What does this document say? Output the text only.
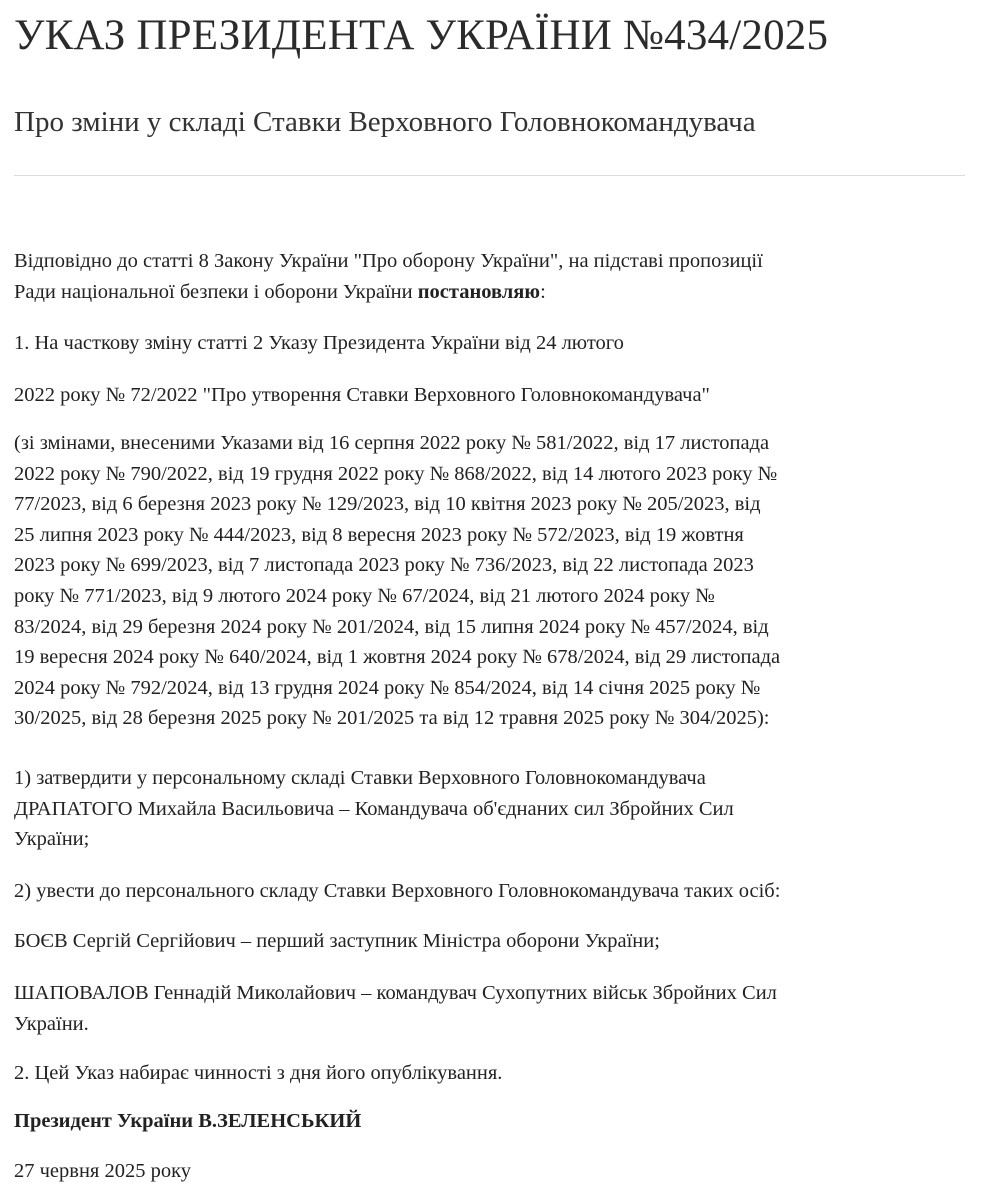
УКАЗ ПРЕЗИДЕНТА УКРАЇНИ №434/2025
Про зміни у складі Ставки Верховного Головнокомандувача

Відповідно до статті 8 Закону України "Про оборону України", на підставі пропозиції
Ради національної безпеки і оборони України постановляю:

1. На часткову зміну статті 2 Указу Президента України від 24 лютого

2022 року № 72/2022 "Про утворення Ставки Верховного Головнокомандувача"

(зі змінами, внесеними Указами від 16 серпня 2022 року № 581/2022, від 17 листопада
2022 року № 790/2022, від 19 грудня 2022 року № 868/2022, від 14 лютого 2023 року №
77/2023, від 6 березня 2023 року № 129/2023, від 10 квітня 2023 року № 205/2023, від
25 липня 2023 року № 444/2023, від 8 вересня 2023 року № 572/2023, від 19 жовтня
2023 року № 699/2023, від 7 листопада 2023 року № 736/2023, від 22 листопада 2023
року № 771/2023, від 9 лютого 2024 року № 67/2024, від 21 лютого 2024 року №
83/2024, від 29 березня 2024 року № 201/2024, від 15 липня 2024 року № 457/2024, від
19 вересня 2024 року № 640/2024, від 1 жовтня 2024 року № 678/2024, від 29 листопада
2024 року № 792/2024, від 13 грудня 2024 року № 854/2024, від 14 січня 2025 року №
30/2025, від 28 березня 2025 року № 201/2025 та від 12 травня 2025 року № 304/2025):

1) затвердити у персональному складі Ставки Верховного Головнокомандувача
ДРАПАТОГО Михайла Васильовича – Командувача об'єднаних сил Збройних Сил
України;

2) увести до персонального складу Ставки Верховного Головнокомандувача таких осіб:

БОЄВ Сергій Сергійович – перший заступник Міністра оборони України;

ШАПОВАЛОВ Геннадій Миколайович – командувач Сухопутних військ Збройних Сил
України.

2. Цей Указ набирає чинності з дня його опублікування.

Президент України В.ЗЕЛЕНСЬКИЙ

27 червня 2025 року
